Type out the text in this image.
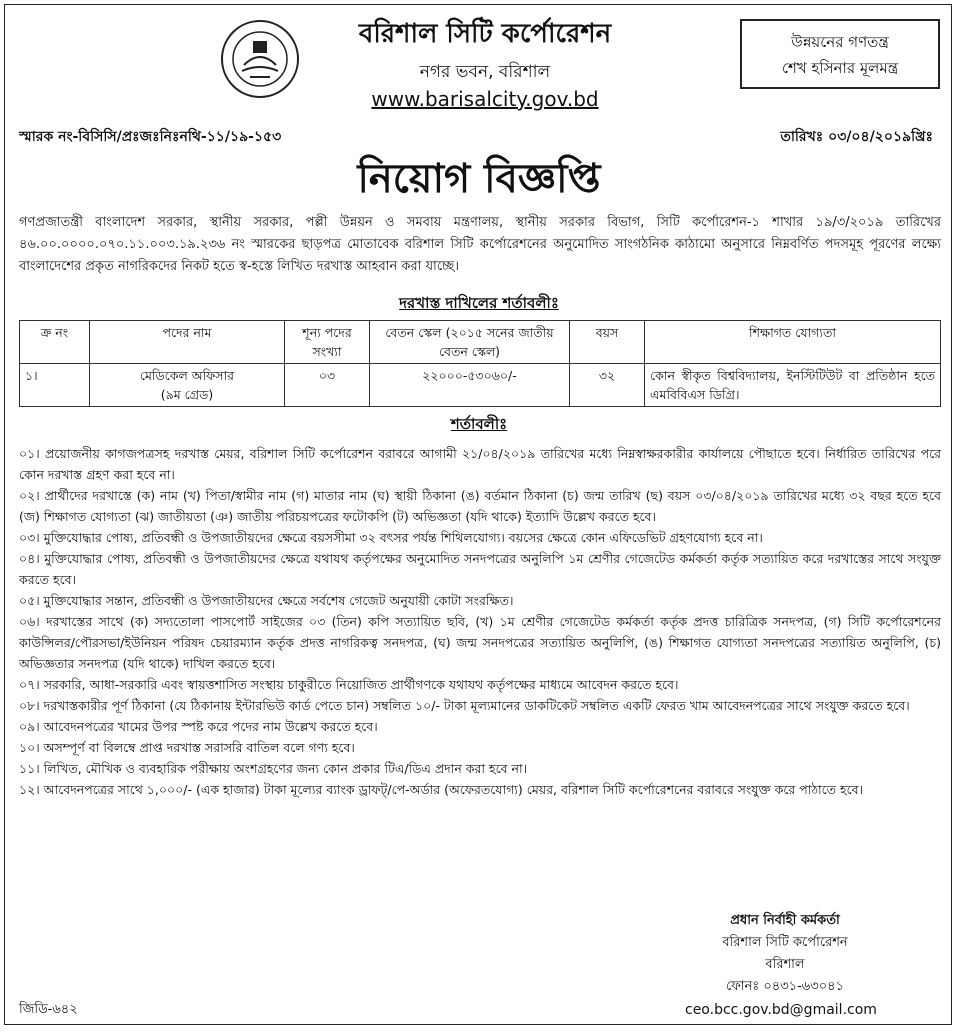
বরিশাল সিটি কর্পোরেশন
নগর ভবন, বরিশাল
www.barisalcity.gov.bd
উন্নয়নের গণতন্ত্র
শেখ হসিনার মূলমন্ত্র
স্মারক নং-বিসিসি/প্রঃজঃনিঃনথি-১১/১৯-১৫৩	তারিখঃ ০৩/০৪/২০১৯খ্রিঃ
নিয়োগ বিজ্ঞপ্তি

গণপ্রজাতন্ত্রী বাংলাদেশ সরকার, স্থানীয় সরকার, পল্লী উন্নয়ন ও সমবায় মন্ত্রণালয়, স্থানীয় সরকার বিভাগ, সিটি কর্পোরেশন-১ শাখার ১৯/৩/২০১৯ তারিখের ৪৬.০০.০০০০.০৭০.১১.০০৩.১৯.২৩৬ নং স্মারকের ছাড়পত্র মোতাবেক বরিশাল সিটি কর্পোরেশনের অনুমোদিত সাংগঠনিক কাঠামো অনুসারে নিম্নবর্ণিত পদসমূহ পূরণের লক্ষ্যে বাংলাদেশের প্রকৃত নাগরিকদের নিকট হতে স্ব-হস্তে লিখিত দরখাস্ত আহবান করা যাচ্ছে।

দরখাস্ত দাখিলের শর্তাবলীঃ
ক্র নং	পদের নাম	শূন্য পদের সংখ্যা	বেতন স্কেল (২০১৫ সনের জাতীয় বেতন স্কেল)	বয়স	শিক্ষাগত যোগ্যতা
১।	মেডিকেল অফিসার
(৯ম গ্রেড)	০৩	২২০০০-৫৩০৬০/-	৩২	কোন স্বীকৃত বিশ্ববিদ্যালয়, ইনস্টিটিউট বা প্রতিষ্ঠান হতে এমবিবিএস ডিগ্রি।
শর্তাবলীঃ
০১। প্রয়োজনীয় কাগজপত্রসহ দরখাস্ত মেয়র, বরিশাল সিটি কর্পোরেশন বরাবরে আগামী ২১/০৪/২০১৯ তারিখের মধ্যে নিম্নস্বাক্ষরকারীর কার্যালয়ে পৌছাতে হবে। নির্ধারিত তারিখের পরে কোন দরখাস্ত গ্রহণ করা হবে না।
০২। প্রার্থীদের দরখাস্তে (ক) নাম (খ) পিতা/স্বামীর নাম (গ) মাতার নাম (ঘ) স্থায়ী ঠিকানা (ঙ) বর্তমান ঠিকানা (চ) জন্ম তারিখ (ছ) বয়স ০৩/০৪/২০১৯ তারিখের মধ্যে ৩২ বছর হতে হবে (জ) শিক্ষাগত যোগ্যতা (ঝ) জাতীয়তা (ঞ) জাতীয় পরিচয়পত্রের ফটোকপি (ট) অভিজ্ঞতা (যদি থাকে) ইত্যাদি উল্লেখ করতে হবে।
০৩। মুক্তিযোদ্ধার পোষ্য, প্রতিবন্ধী ও উপজাতীয়দের ক্ষেত্রে বয়সসীমা ৩২ বৎসর পর্যন্ত শিথিলযোগ্য। বয়সের ক্ষেত্রে কোন এফিডেভিট গ্রহণযোগ্য হবে না।
০৪। মুক্তিযোদ্ধার পোষ্য, প্রতিবন্ধী ও উপজাতীয়দের ক্ষেত্রে যথাযথ কর্তৃপক্ষের অনুমোদিত সনদপত্রের অনুলিপি ১ম শ্রেণীর গেজেটেড কর্মকর্তা কর্তৃক সত্যায়িত করে দরখাস্তের সাথে সংযুক্ত করতে হবে।
০৫। মুক্তিযোদ্ধার সন্তান, প্রতিবন্ধী ও উপজাতীয়দের ক্ষেত্রে সর্বশেষ গেজেট অনুযায়ী কোটা সংরক্ষিত।
০৬। দরখাস্তের সাথে (ক) সদ্যতোলা পাসপোর্ট সাইজের ০৩ (তিন) কপি সত্যায়িত ছবি, (খ) ১ম শ্রেণীর গেজেটেড কর্মকর্তা কর্তৃক প্রদত্ত চারিত্রিক সনদপত্র, (গ) সিটি কর্পোরেশনের কাউন্সিলর/পৌরসভা/ইউনিয়ন পরিষদ চেয়ারম্যান কর্তৃক প্রদত্ত নাগরিকত্ব সনদপত্র, (ঘ) জন্ম সনদপত্রের সত্যায়িত অনুলিপি, (ঙ) শিক্ষাগত যোগ্যতা সনদপত্রের সত্যায়িত অনুলিপি, (চ) অভিজ্ঞতার সনদপত্র (যদি থাকে) দাখিল করতে হবে।
০৭। সরকারি, আধা-সরকারি এবং স্বায়ত্তশাসিত সংস্থায় চাকুরীতে নিয়োজিত প্রার্থীগণকে যথাযথ কর্তৃপক্ষের মাধ্যমে আবেদন করতে হবে।
০৮। দরখাস্তকারীর পূর্ণ ঠিকানা (যে ঠিকানায় ইন্টারভিউ কার্ড পেতে চান) সম্বলিত ১০/- টাকা মূল্যমানের ডাকটিকেট সম্বলিত একটি ফেরত খাম আবেদনপত্রের সাথে সংযুক্ত করতে হবে।
০৯। আবেদনপত্রের খামের উপর স্পষ্ট করে পদের নাম উল্লেখ করতে হবে।
১০। অসম্পূর্ণ বা বিলম্বে প্রাপ্ত দরখাস্ত সরাসরি বাতিল বলে গণ্য হবে।
১১। লিখিত, মৌখিক ও ব্যবহারিক পরীক্ষায় অংশগ্রহণের জন্য কোন প্রকার টিএ/ডিএ প্রদান করা হবে না।
১২। আবেদনপত্রের সাথে ১,০০০/- (এক হাজার) টাকা মূল্যের ব্যাংক ড্রাফট্/পে-অর্ডার (অফেরতযোগ্য) মেয়র, বরিশাল সিটি কর্পোরেশনের বরাবরে সংযুক্ত করে পাঠাতে হবে।
প্রধান নির্বাহী কর্মকর্তা
বরিশাল সিটি কর্পোরেশন
বরিশাল
ফোনঃ ০৪৩১-৬৩০৪১
জিডি-৬৪২	ceo.bcc.gov.bd@gmail.com
